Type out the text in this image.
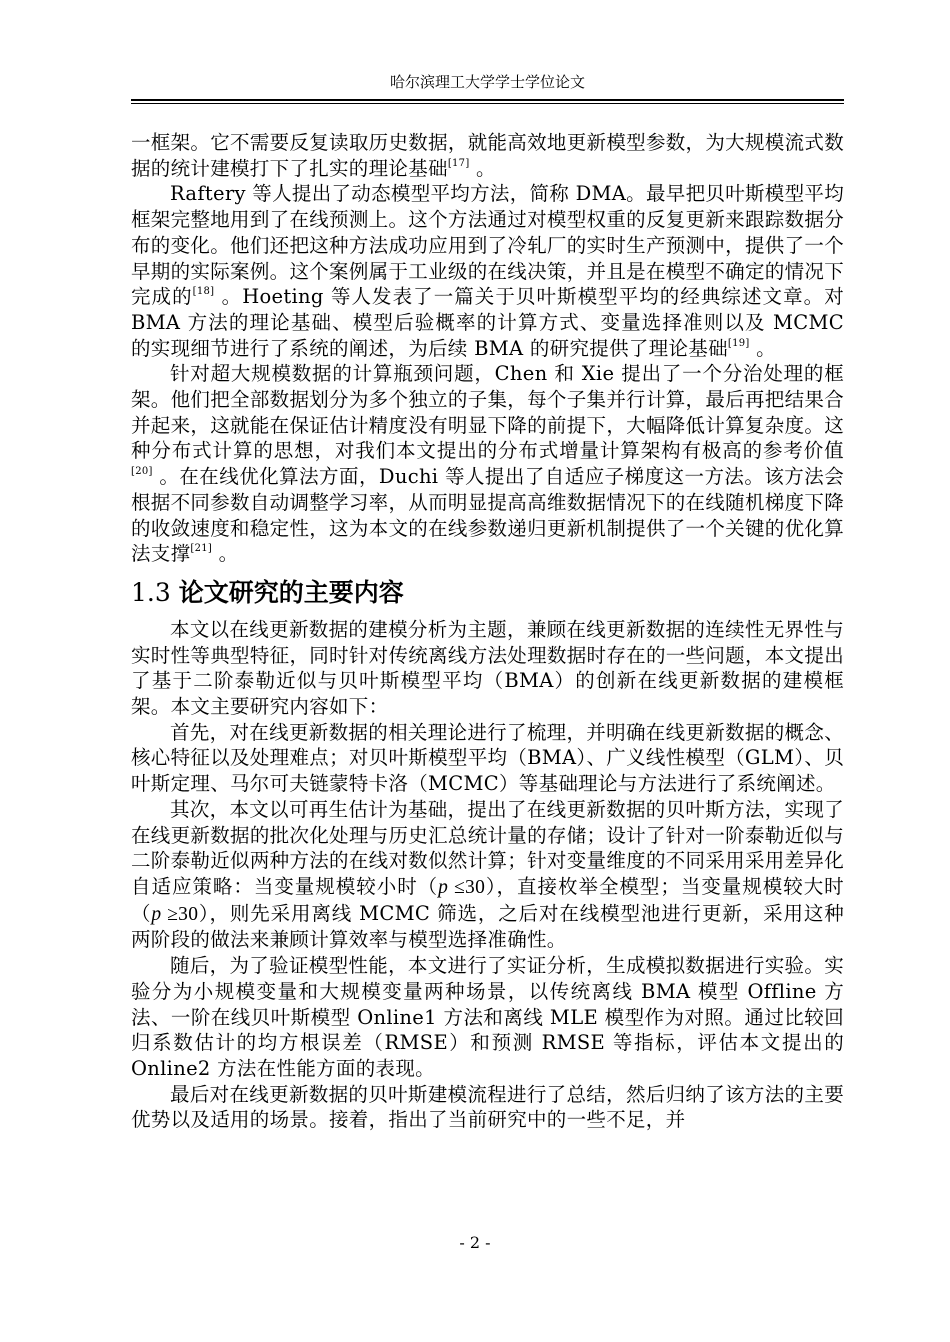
哈尔滨理工大学学士学位论文

一框架。它不需要反复读取历史数据，就能高效地更新模型参数，为大规模流式数据的统计建模打下了扎实的理论基础[17] 。

Raftery 等人提出了动态模型平均方法，简称 DMA。最早把贝叶斯模型平均框架完整地用到了在线预测上。这个方法通过对模型权重的反复更新来跟踪数据分布的变化。他们还把这种方法成功应用到了冷轧厂的实时生产预测中，提供了一个早期的实际案例。这个案例属于工业级的在线决策，并且是在模型不确定的情况下完成的[18] 。Hoeting 等人发表了一篇关于贝叶斯模型平均的经典综述文章。对 BMA 方法的理论基础、模型后验概率的计算方式、变量选择准则以及 MCMC 的实现细节进行了系统的阐述，为后续 BMA 的研究提供了理论基础[19] 。

针对超大规模数据的计算瓶颈问题，Chen 和 Xie 提出了一个分治处理的框架。他们把全部数据划分为多个独立的子集，每个子集并行计算，最后再把结果合并起来，这就能在保证估计精度没有明显下降的前提下，大幅降低计算复杂度。这种分布式计算的思想，对我们本文提出的分布式增量计算架构有极高的参考价值[20] 。在在线优化算法方面，Duchi 等人提出了自适应子梯度这一方法。该方法会根据不同参数自动调整学习率，从而明显提高高维数据情况下的在线随机梯度下降的收敛速度和稳定性，这为本文的在线参数递归更新机制提供了一个关键的优化算法支撑[21] 。

1.3 论文研究的主要内容

本文以在线更新数据的建模分析为主题，兼顾在线更新数据的连续性无界性与实时性等典型特征，同时针对传统离线方法处理数据时存在的一些问题，本文提出了基于二阶泰勒近似与贝叶斯模型平均（BMA）的创新在线更新数据的建模框架。本文主要研究内容如下：

首先，对在线更新数据的相关理论进行了梳理，并明确在线更新数据的概念、核心特征以及处理难点；对贝叶斯模型平均（BMA）、广义线性模型（GLM）、贝叶斯定理、马尔可夫链蒙特卡洛（MCMC）等基础理论与方法进行了系统阐述。

其次，本文以可再生估计为基础，提出了在线更新数据的贝叶斯方法，实现了在线更新数据的批次化处理与历史汇总统计量的存储；设计了针对一阶泰勒近似与二阶泰勒近似两种方法的在线对数似然计算；针对变量维度的不同采用采用差异化自适应策略：当变量规模较小时（p ≤30），直接枚举全模型；当变量规模较大时（p ≥30），则先采用离线 MCMC 筛选，之后对在线模型池进行更新，采用这种两阶段的做法来兼顾计算效率与模型选择准确性。

随后，为了验证模型性能，本文进行了实证分析，生成模拟数据进行实验。实验分为小规模变量和大规模变量两种场景，以传统离线 BMA 模型 Offline 方法、一阶在线贝叶斯模型 Online1 方法和离线 MLE 模型作为对照。通过比较回归系数估计的均方根误差（RMSE）和预测 RMSE 等指标，评估本文提出的 Online2 方法在性能方面的表现。

最后对在线更新数据的贝叶斯建模流程进行了总结，然后归纳了该方法的主要优势以及适用的场景。接着，指出了当前研究中的一些不足，并

- 2 -
